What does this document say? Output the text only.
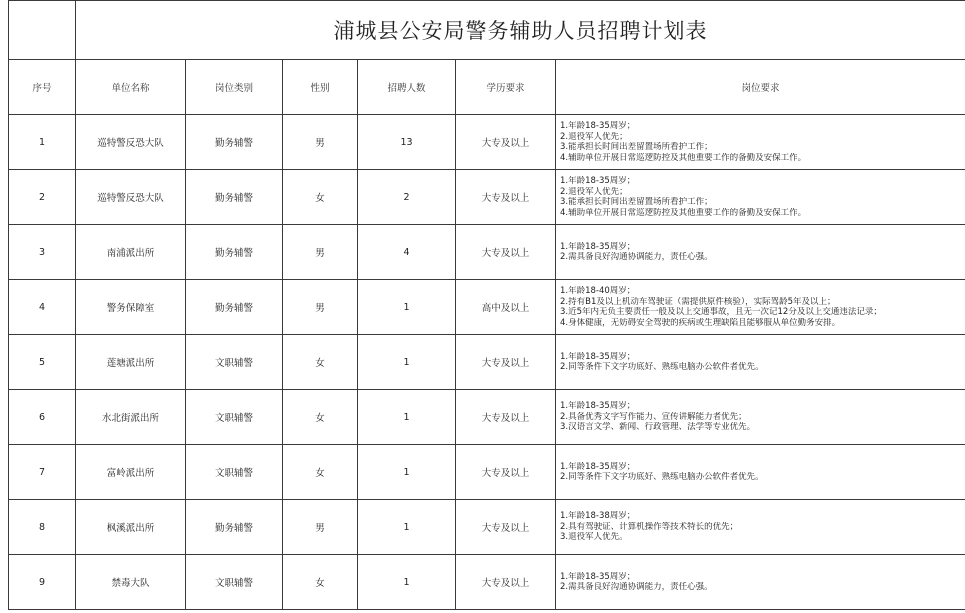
	浦城县公安局警务辅助人员招聘计划表					
序号	单位名称	岗位类别	性别	招聘人数	学历要求	岗位要求
1	巡特警反恐大队	勤务辅警	男	13	大专及以上	1.年龄18-35周岁；
2.退役军人优先；
3.能承担长时间出差留置场所看护工作；
4.辅助单位开展日常巡逻防控及其他重要工作的备勤及安保工作。

2	巡特警反恐大队	勤务辅警	女	2	大专及以上	1.年龄18-35周岁；
2.退役军人优先；
3.能承担长时间出差留置场所看护工作；
4.辅助单位开展日常巡逻防控及其他重要工作的备勤及安保工作。

3	南浦派出所	勤务辅警	男	4	大专及以上	1.年龄18-35周岁；
2.需具备良好沟通协调能力，责任心强。

4	警务保障室	勤务辅警	男	1	高中及以上	1.年龄18-40周岁；
2.持有B1及以上机动车驾驶证（需提供原件核验），实际驾龄5年及以上；
3.近5年内无负主要责任一般及以上交通事故，且无一次记12分及以上交通违法记录；
4.身体健康，无妨碍安全驾驶的疾病或生理缺陷且能够服从单位勤务安排。

5	莲塘派出所	文职辅警	女	1	大专及以上	1.年龄18-35周岁；
2.同等条件下文字功底好、熟练电脑办公软件者优先。

6	水北街派出所	文职辅警	女	1	大专及以上	1.年龄18-35周岁；
2.具备优秀文字写作能力、宣传讲解能力者优先；
3.汉语言文学、新闻、行政管理、法学等专业优先。

7	富岭派出所	文职辅警	女	1	大专及以上	1.年龄18-35周岁；
2.同等条件下文字功底好、熟练电脑办公软件者优先。

8	枫溪派出所	勤务辅警	男	1	大专及以上	1.年龄18-38周岁；
2.具有驾驶证、计算机操作等技术特长的优先；
3.退役军人优先。

9	禁毒大队	文职辅警	女	1	大专及以上	1.年龄18-35周岁；
2.需具备良好沟通协调能力，责任心强。
